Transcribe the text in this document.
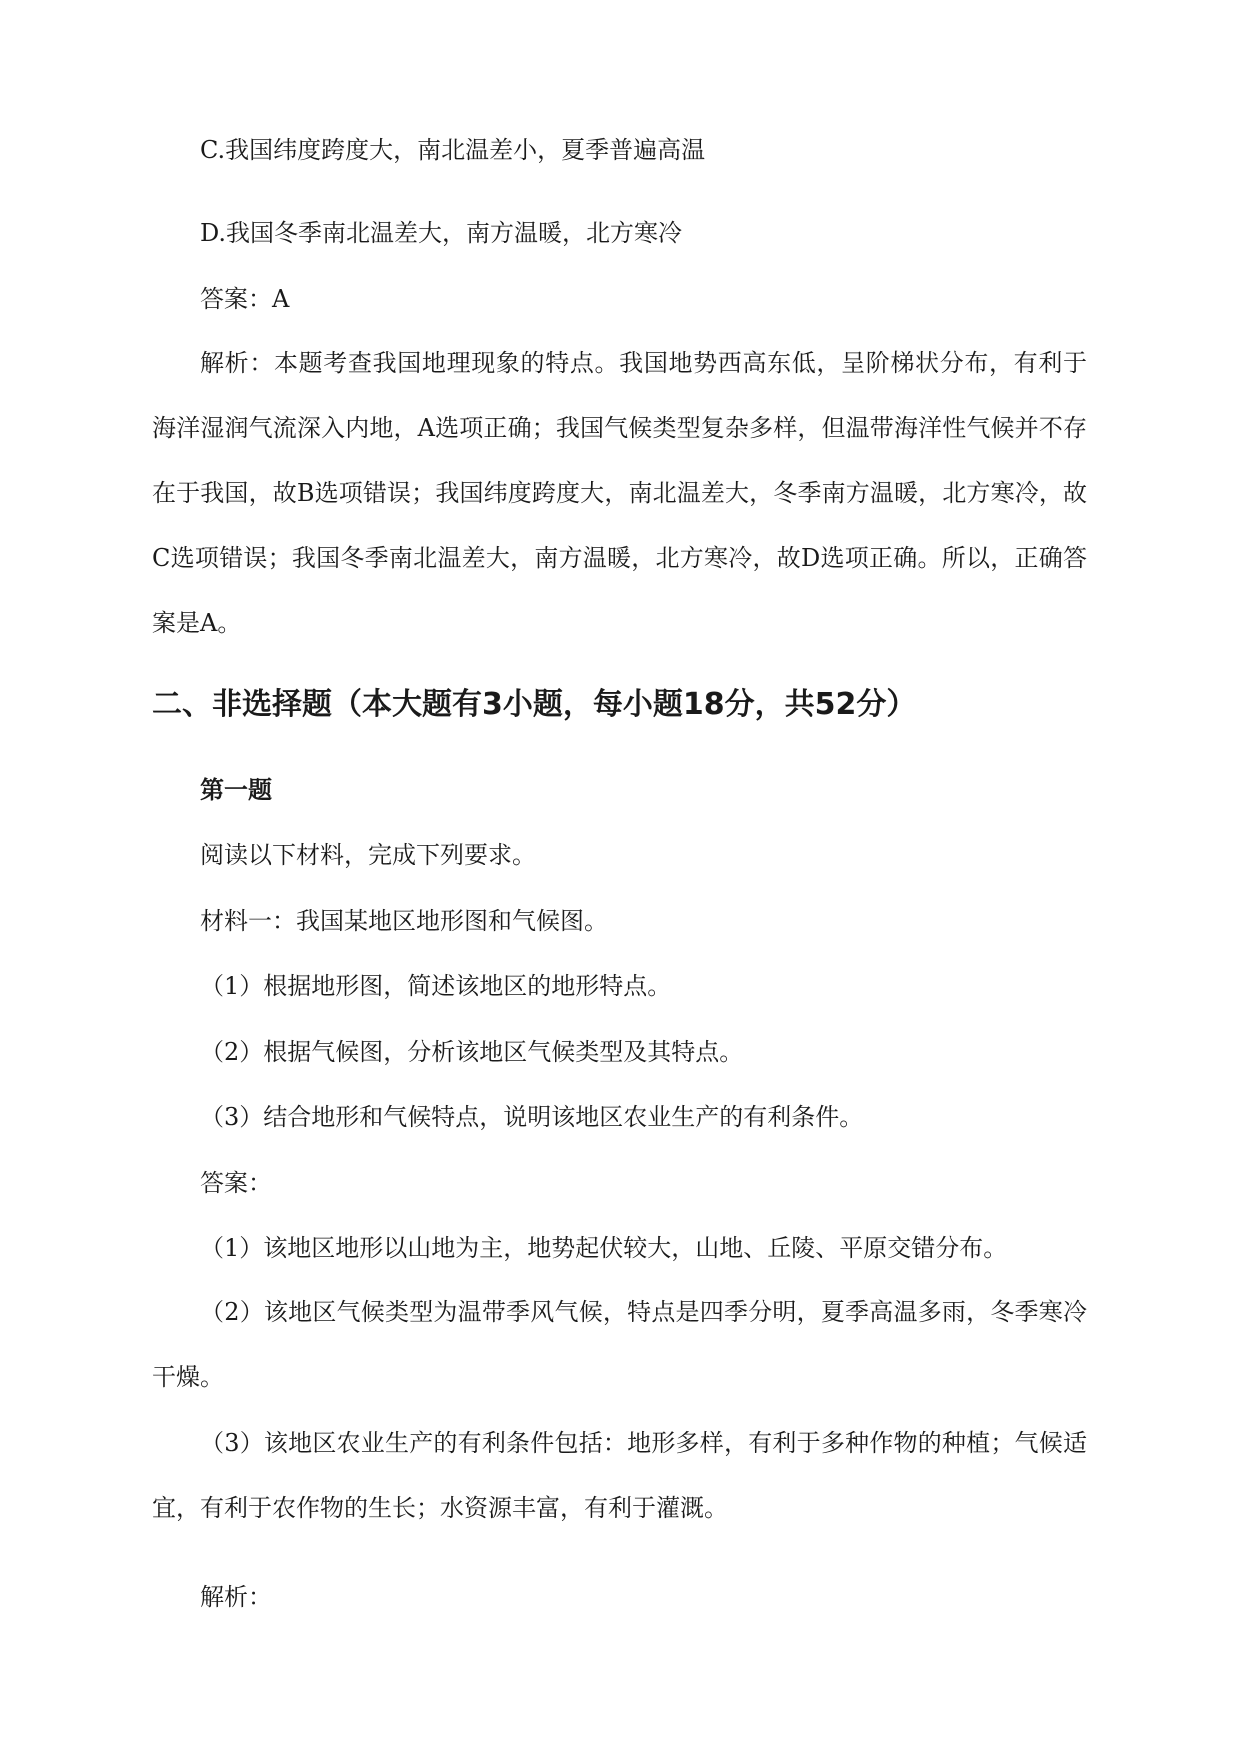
C.我国纬度跨度大，南北温差小，夏季普遍高温

D.我国冬季南北温差大，南方温暖，北方寒冷

答案：A

解析：本题考查我国地理现象的特点。我国地势西高东低，呈阶梯状分布，有利于海洋湿润气流深入内地，A选项正确；我国气候类型复杂多样，但温带海洋性气候并不存在于我国，故B选项错误；我国纬度跨度大，南北温差大，冬季南方温暖，北方寒冷，故C选项错误；我国冬季南北温差大，南方温暖，北方寒冷，故D选项正确。所以，正确答案是A。

二、非选择题（本大题有3小题，每小题18分，共52分）
第一题

阅读以下材料，完成下列要求。

材料一：我国某地区地形图和气候图。

（1）根据地形图，简述该地区的地形特点。

（2）根据气候图，分析该地区气候类型及其特点。

（3）结合地形和气候特点，说明该地区农业生产的有利条件。

答案：

（1）该地区地形以山地为主，地势起伏较大，山地、丘陵、平原交错分布。

（2）该地区气候类型为温带季风气候，特点是四季分明，夏季高温多雨，冬季寒冷干燥。

（3）该地区农业生产的有利条件包括：地形多样，有利于多种作物的种植；气候适宜，有利于农作物的生长；水资源丰富，有利于灌溉。

解析：
